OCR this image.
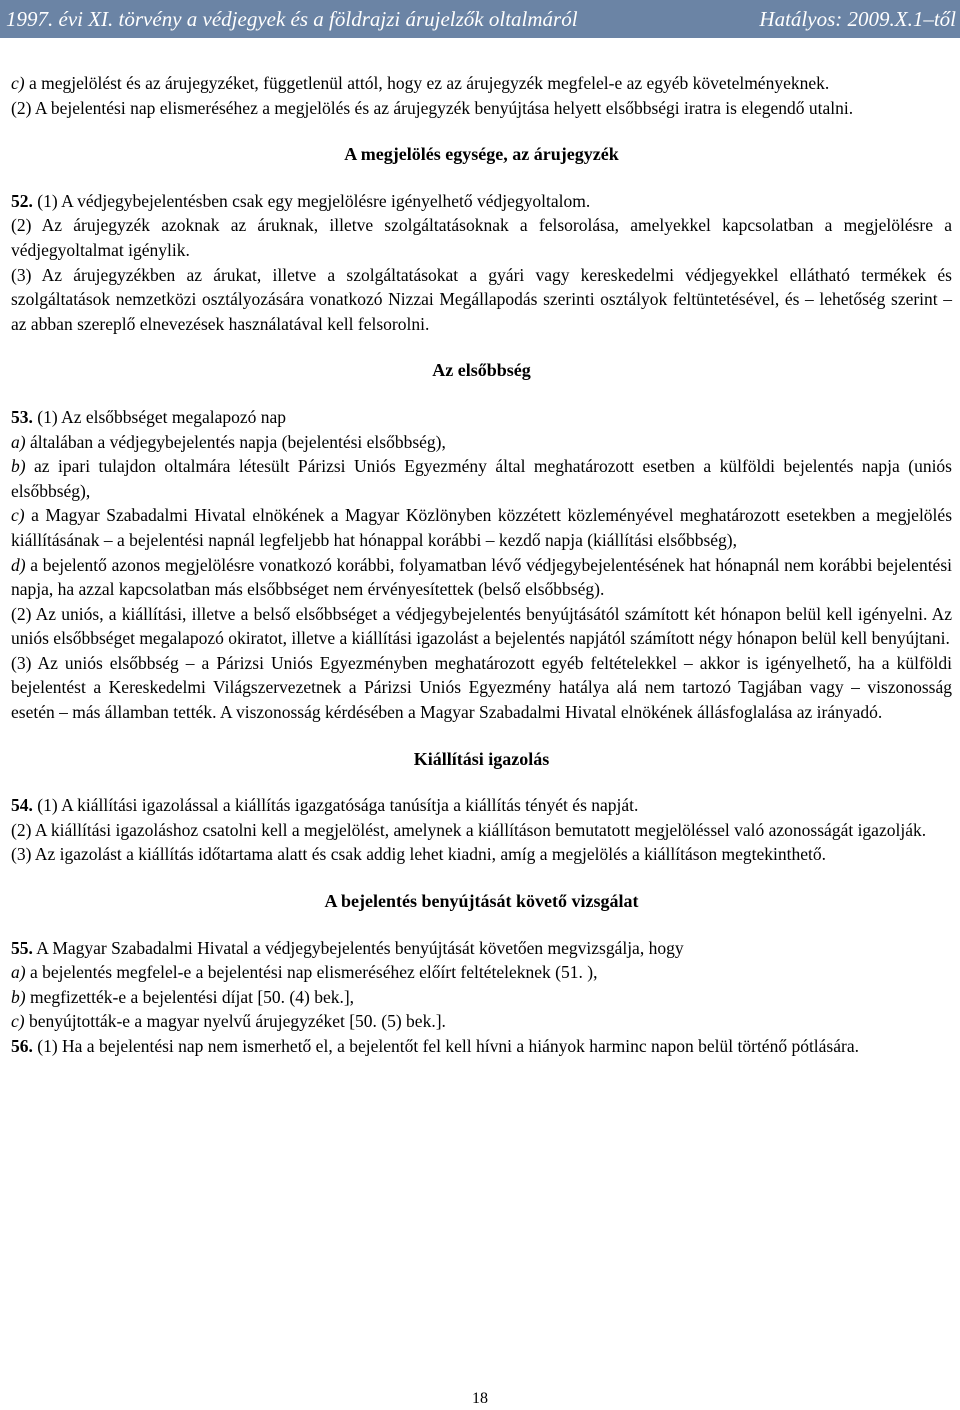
1997. évi XI. törvény a védjegyek és a földrajzi árujelzők oltalmáról	Hatályos: 2009.X.1–től

c) a megjelölést és az árujegyzéket, függetlenül attól, hogy ez az árujegyzék megfelel-e az egyéb követelményeknek.

(2) A bejelentési nap elismeréséhez a megjelölés és az árujegyzék benyújtása helyett elsőbbségi iratra is elegendő utalni.

A megjelölés egysége, az árujegyzék

52. (1) A védjegybejelentésben csak egy megjelölésre igényelhető védjegyoltalom.

(2) Az árujegyzék azoknak az áruknak, illetve szolgáltatásoknak a felsorolása, amelyekkel kapcsolatban a megjelölésre a védjegyoltalmat igénylik.

(3) Az árujegyzékben az árukat, illetve a szolgáltatásokat a gyári vagy kereskedelmi védjegyekkel ellátható termékek és szolgáltatások nemzetközi osztályozására vonatkozó Nizzai Megállapodás szerinti osztályok feltüntetésével, és – lehetőség szerint – az abban szereplő elnevezések használatával kell felsorolni.

Az elsőbbség

53. (1) Az elsőbbséget megalapozó nap

a) általában a védjegybejelentés napja (bejelentési elsőbbség),

b) az ipari tulajdon oltalmára létesült Párizsi Uniós Egyezmény által meghatározott esetben a külföldi bejelentés napja (uniós elsőbbség),

c) a Magyar Szabadalmi Hivatal elnökének a Magyar Közlönyben közzétett közleményével meghatározott esetekben a megjelölés kiállításának – a bejelentési napnál legfeljebb hat hónappal korábbi – kezdő napja (kiállítási elsőbbség),

d) a bejelentő azonos megjelölésre vonatkozó korábbi, folyamatban lévő védjegybejelentésének hat hónapnál nem korábbi bejelentési napja, ha azzal kapcsolatban más elsőbbséget nem érvényesítettek (belső elsőbbség).

(2) Az uniós, a kiállítási, illetve a belső elsőbbséget a védjegybejelentés benyújtásától számított két hónapon belül kell igényelni. Az uniós elsőbbséget megalapozó okiratot, illetve a kiállítási igazolást a bejelentés napjától számított négy hónapon belül kell benyújtani.

(3) Az uniós elsőbbség – a Párizsi Uniós Egyezményben meghatározott egyéb feltételekkel – akkor is igényelhető, ha a külföldi bejelentést a Kereskedelmi Világszervezetnek a Párizsi Uniós Egyezmény hatálya alá nem tartozó Tagjában vagy – viszonosság esetén – más államban tették. A viszonosság kérdésében a Magyar Szabadalmi Hivatal elnökének állásfoglalása az irányadó.

Kiállítási igazolás

54. (1) A kiállítási igazolással a kiállítás igazgatósága tanúsítja a kiállítás tényét és napját.

(2) A kiállítási igazoláshoz csatolni kell a megjelölést, amelynek a kiállításon bemutatott megjelöléssel való azonosságát igazolják.

(3) Az igazolást a kiállítás időtartama alatt és csak addig lehet kiadni, amíg a megjelölés a kiállításon megtekinthető.

A bejelentés benyújtását követő vizsgálat

55. A Magyar Szabadalmi Hivatal a védjegybejelentés benyújtását követően megvizsgálja, hogy

a) a bejelentés megfelel-e a bejelentési nap elismeréséhez előírt feltételeknek (51. ),

b) megfizették-e a bejelentési díjat [50. (4) bek.],

c) benyújtották-e a magyar nyelvű árujegyzéket [50. (5) bek.].

56. (1) Ha a bejelentési nap nem ismerhető el, a bejelentőt fel kell hívni a hiányok harminc napon belül történő pótlására.

18
